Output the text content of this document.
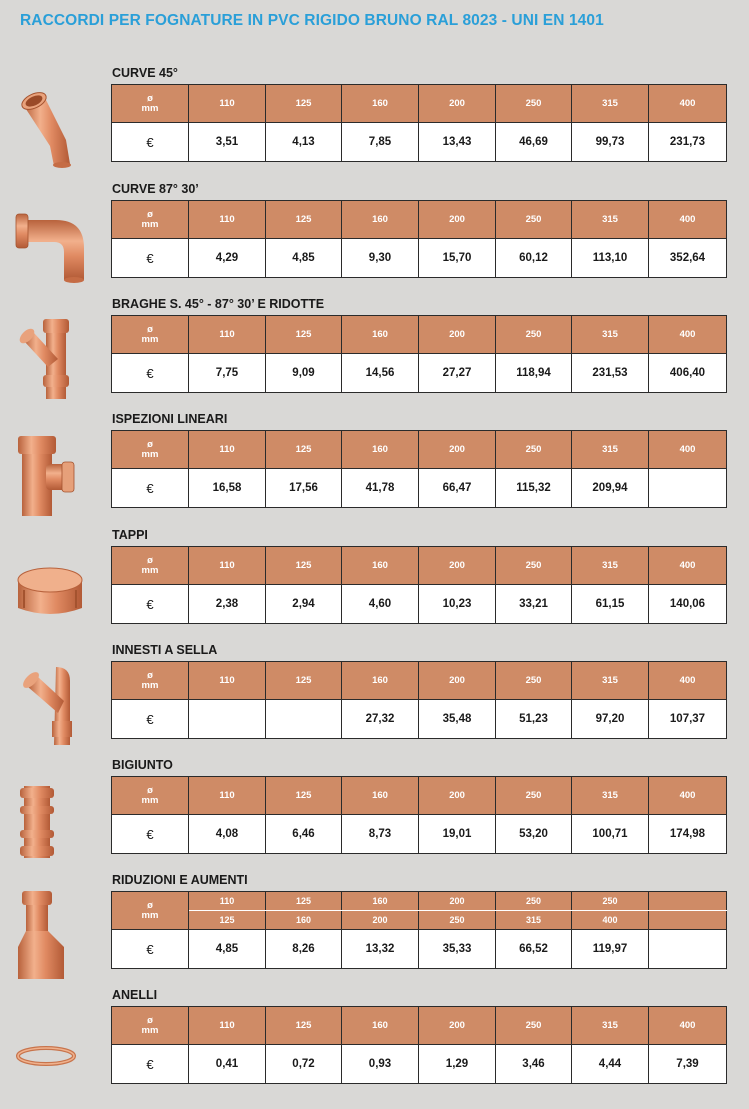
RACCORDI PER FOGNATURE IN PVC RIGIDO BRUNO RAL 8023 - UNI EN 1401
CURVE 45°
ø
mm	110	125	160	200	250	315	400
€	3,51	4,13	7,85	13,43	46,69	99,73	231,73
CURVE 87° 30’
ø
mm	110	125	160	200	250	315	400
€	4,29	4,85	9,30	15,70	60,12	113,10	352,64
BRAGHE S. 45° - 87° 30’ E RIDOTTE
ø
mm	110	125	160	200	250	315	400
€	7,75	9,09	14,56	27,27	118,94	231,53	406,40
ISPEZIONI LINEARI
ø
mm	110	125	160	200	250	315	400
€	16,58	17,56	41,78	66,47	115,32	209,94	
TAPPI
ø
mm	110	125	160	200	250	315	400
€	2,38	2,94	4,60	10,23	33,21	61,15	140,06
INNESTI A SELLA
ø
mm	110	125	160	200	250	315	400
€			27,32	35,48	51,23	97,20	107,37
BIGIUNTO
ø
mm	110	125	160	200	250	315	400
€	4,08	6,46	8,73	19,01	53,20	100,71	174,98
RIDUZIONI E AUMENTI
ø
mm	110	125	160	200	250	250	
	125	160	200	250	315	400	
€	4,85	8,26	13,32	35,33	66,52	119,97	
ANELLI
ø
mm	110	125	160	200	250	315	400
€	0,41	0,72	0,93	1,29	3,46	4,44	7,39
